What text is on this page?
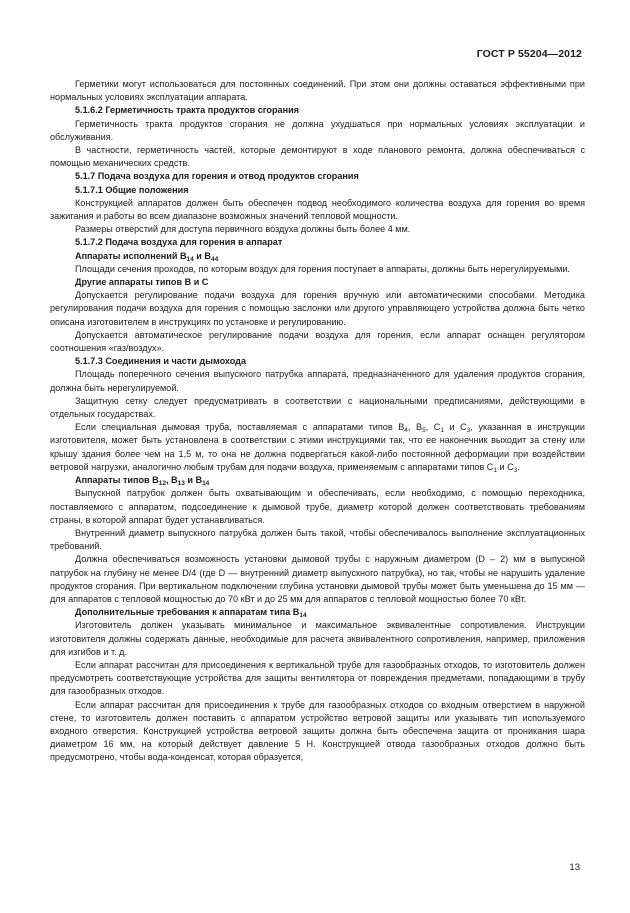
ГОСТ Р 55204—2012

Герметики могут использоваться для постоянных соединений. При этом они должны оставаться эффективными при нормальных условиях эксплуатации аппарата.

5.1.6.2 Герметичность тракта продуктов сгорания

Герметичность тракта продуктов сгорания не должна ухудшаться при нормальных условиях эксплуатации и обслуживания.

В частности, герметичность частей, которые демонтируют в ходе планового ремонта, должна обеспечиваться с помощью механических средств.

5.1.7 Подача воздуха для горения и отвод продуктов сгорания

5.1.7.1 Общие положения

Конструкцией аппаратов должен быть обеспечен подвод необходимого количества воздуха для горения во время зажигания и работы во всем диапазоне возможных значений тепловой мощности.

Размеры отверстий для доступа первичного воздуха должны быть более 4 мм.

5.1.7.2 Подача воздуха для горения в аппарат

Аппараты исполнений $B_{14}$ и $B_{44}$

Площади сечения проходов, по которым воздух для горения поступает в аппараты, должны быть нерегулируемыми.

Другие аппараты типов B и C

Допускается регулирование подачи воздуха для горения вручную или автоматическими способами. Методика регулирования подачи воздуха для горения с помощью заслонки или другого управляющего устройства должна быть четко описана изготовителем в инструкциях по установке и регулированию.

Допускается автоматическое регулирование подачи воздуха для горения, если аппарат оснащен регулятором соотношения «газ/воздух».

5.1.7.3 Соединения и части дымохода

Площадь поперечного сечения выпускного патрубка аппарата, предназначенного для удаления продуктов сгорания, должна быть нерегулируемой.

Защитную сетку следует предусматривать в соответствии с национальными предписаниями, действующими в отдельных государствах.

Если специальная дымовая труба, поставляемая с аппаратами типов $B_4$, $B_5$, $C_1$ и $C_3$, указанная в инструкции изготовителя, может быть установлена в соответствии с этими инструкциями так, что ее наконечник выходит за стену или крышу здания более чем на 1,5 м, то она не должна подвергаться какой-либо постоянной деформации при воздействии ветровой нагрузки, аналогично любым трубам для подачи воздуха, применяемым с аппаратами типов $C_1$ и $C_3$.

Аппараты типов $B_{12}$, $B_{13}$ и $B_{14}$

Выпускной патрубок должен быть охватывающим и обеспечивать, если необходимо, с помощью переходника, поставляемого с аппаратом, подсоединение к дымовой трубе, диаметр которой должен соответствовать требованиям страны, в которой аппарат будет устанавливаться.

Внутренний диаметр выпускного патрубка должен быть такой, чтобы обеспечивалось выполнение эксплуатационных требований.

Должна обеспечиваться возможность установки дымовой трубы с наружным диаметром (D – 2) мм в выпускной патрубок на глубину не менее D/4 (где D — внутренний диаметр выпускного патрубка), но так, чтобы не нарушить удаление продуктов сгорания. При вертикальном подключении глубина установки дымовой трубы может быть уменьшена до 15 мм — для аппаратов с тепловой мощностью до 70 кВт и до 25 мм для аппаратов с тепловой мощностью более 70 кВт.

Дополнительные требования к аппаратам типа $B_{14}$

Изготовитель должен указывать минимальное и максимальное эквивалентные сопротивления. Инструкции изготовителя должны содержать данные, необходимые для расчета эквивалентного сопротивления, например, приложения для изгибов и т. д.

Если аппарат рассчитан для присоединения к вертикальной трубе для газообразных отходов, то изготовитель должен предусмотреть соответствующие устройства для защиты вентилятора от повреждения предметами, попадающими в трубу для газообразных отходов.

Если аппарат рассчитан для присоединения к трубе для газообразных отходов со входным отверстием в наружной стене, то изготовитель должен поставить с аппаратом устройство ветровой защиты или указывать тип используемого входного отверстия. Конструкцией устройства ветровой защиты должна быть обеспечена защита от проникания шара диаметром 16 мм, на который действует давление 5 Н. Конструкцией отвода газообразных отходов должно быть предусмотрено, чтобы вода-конденсат, которая образуется,

13
